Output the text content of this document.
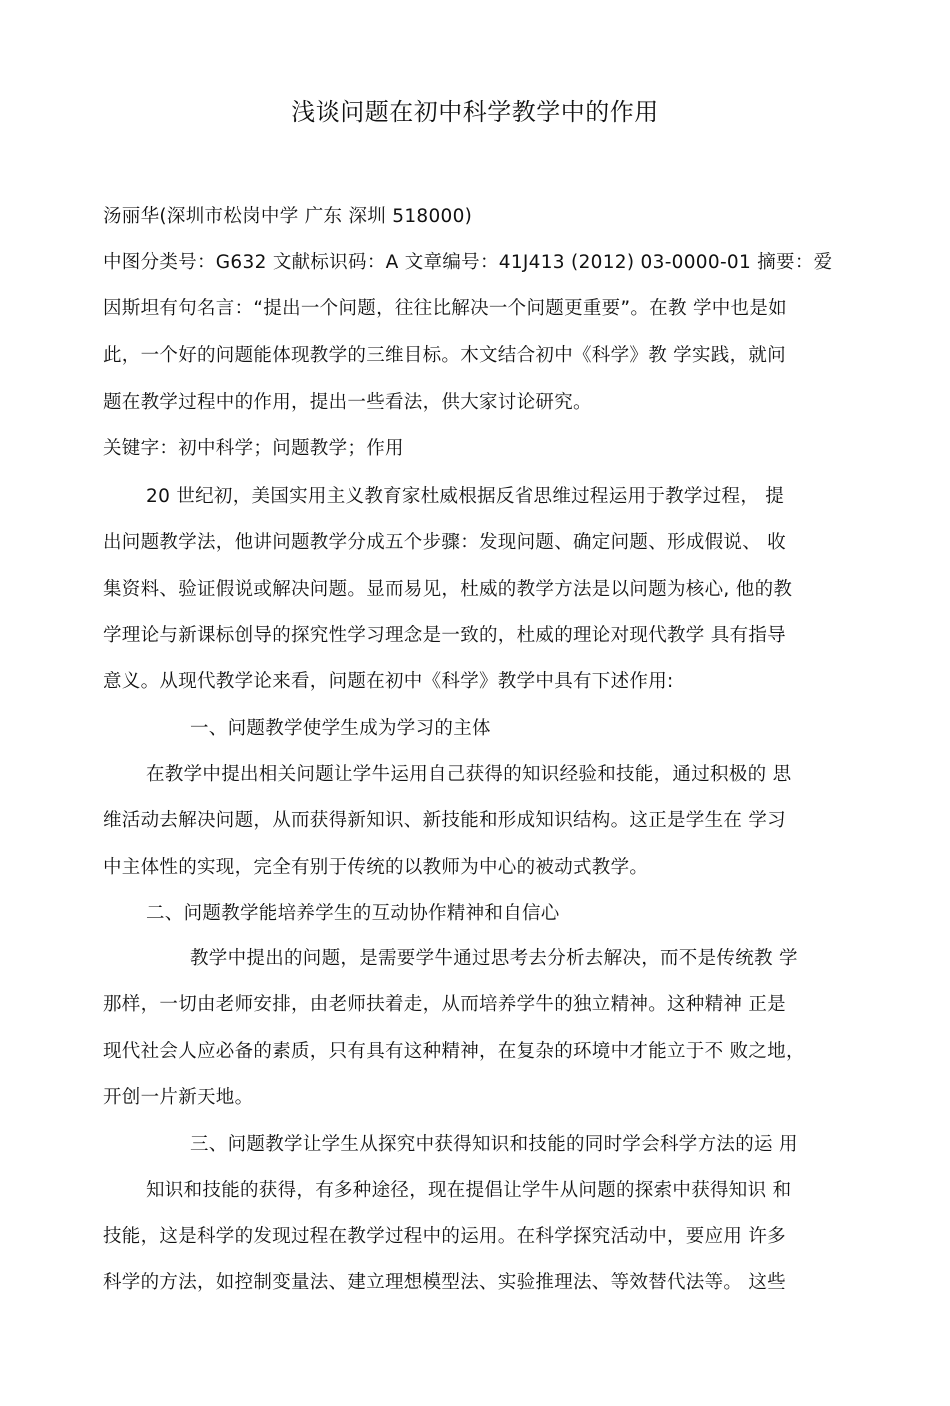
浅谈问题在初中科学教学中的作用
汤丽华(深圳市松岗中学 广东 深圳 518000)
中图分类号：G632 文献标识码：A 文章编号：41J413 (2012) 03-0000-01 摘要：爱
因斯坦有句名言：“提出一个问题，往往比解决一个问题更重要”。在教 学中也是如
此，一个好的问题能体现教学的三维目标。木文结合初中《科学》教 学实践，就问
题在教学过程中的作用，提出一些看法，供大家讨论研究。
关键字：初中科学；问题教学；作用
20 世纪初，美国实用主义教育家杜威根据反省思维过程运用于教学过程， 提
出问题教学法，他讲问题教学分成五个步骤：发现问题、确定问题、形成假说、 收
集资料、验证假说或解决问题。显而易见，杜威的教学方法是以问题为核心, 他的教
学理论与新课标创导的探究性学习理念是一致的，杜威的理论对现代教学 具有指导
意义。从现代教学论来看，问题在初中《科学》教学中具有下述作用:
一、问题教学使学生成为学习的主体
在教学中提出相关问题让学牛运用自己获得的知识经验和技能，通过积极的 思
维活动去解决问题，从而获得新知识、新技能和形成知识结构。这正是学生在 学习
中主体性的实现，完全有别于传统的以教师为中心的被动式教学。
二、问题教学能培养学生的互动协作精神和自信心
教学中提出的问题，是需要学牛通过思考去分析去解决，而不是传统教 学
那样，一切由老师安排，由老师扶着走，从而培养学牛的独立精神。这种精神 正是
现代社会人应必备的素质，只有具有这种精神，在复杂的环境中才能立于不 败之地，
开创一片新天地。
三、问题教学让学生从探究中获得知识和技能的同时学会科学方法的运 用
知识和技能的获得，有多种途径，现在提倡让学牛从问题的探索中获得知识 和
技能，这是科学的发现过程在教学过程中的运用。在科学探究活动中，要应用 许多
科学的方法，如控制变量法、建立理想模型法、实验推理法、等效替代法等。 这些
